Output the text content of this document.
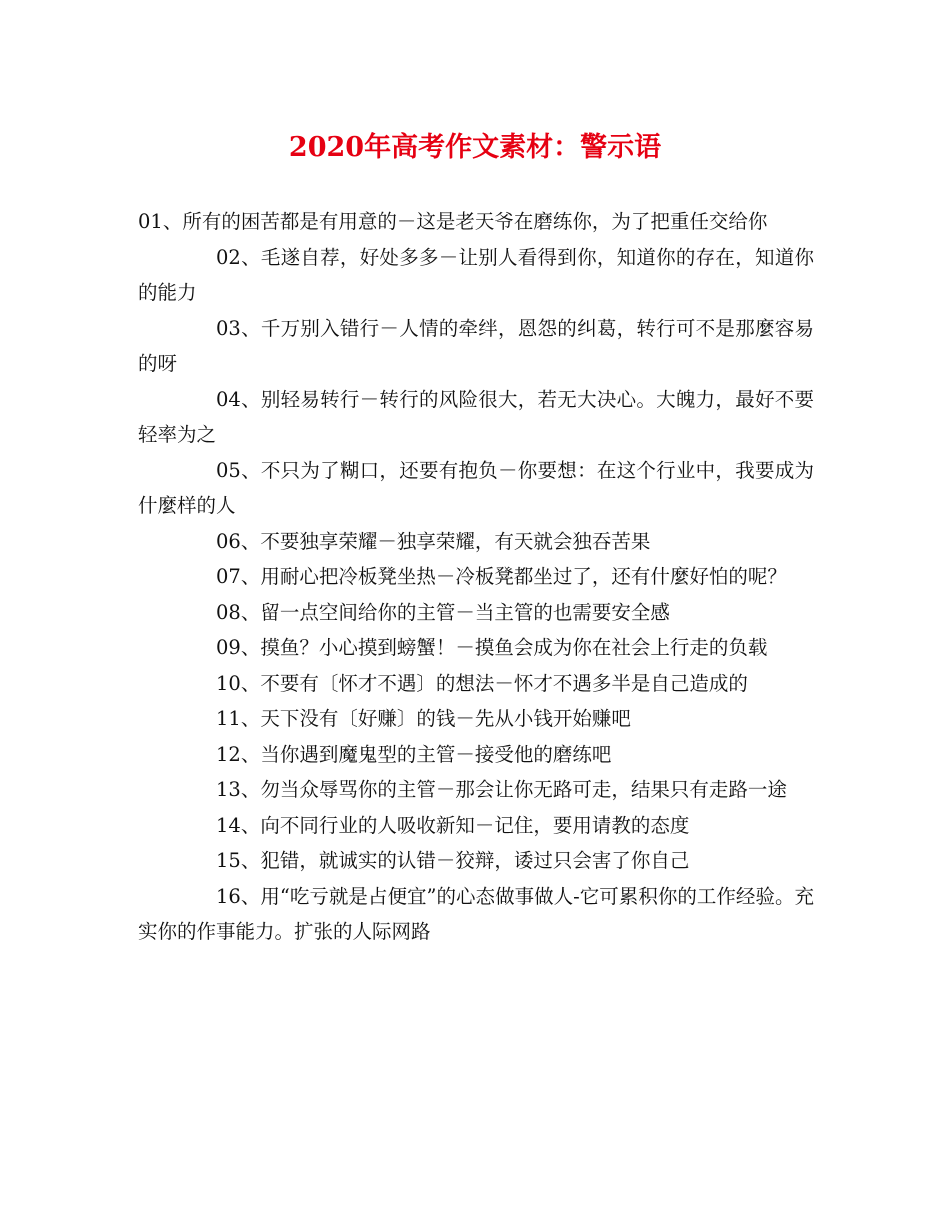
2020年高考作文素材：警示语

01、所有的困苦都是有用意的－这是老天爷在磨练你，为了把重任交给你

02、毛遂自荐，好处多多－让别人看得到你，知道你的存在，知道你的能力

03、千万别入错行－人情的牵绊，恩怨的纠葛，转行可不是那麼容易的呀

04、别轻易转行－转行的风险很大，若无大决心。大魄力，最好不要轻率为之

05、不只为了糊口，还要有抱负－你要想：在这个行业中，我要成为什麼样的人

06、不要独享荣耀－独享荣耀，有天就会独吞苦果

07、用耐心把冷板凳坐热－冷板凳都坐过了，还有什麼好怕的呢？

08、留一点空间给你的主管－当主管的也需要安全感

09、摸鱼？小心摸到螃蟹！－摸鱼会成为你在社会上行走的负载

10、不要有〔怀才不遇〕的想法－怀才不遇多半是自己造成的

11、天下没有〔好赚〕的钱－先从小钱开始赚吧

12、当你遇到魔鬼型的主管－接受他的磨练吧

13、勿当众辱骂你的主管－那会让你无路可走，结果只有走路一途

14、向不同行业的人吸收新知－记住，要用请教的态度

15、犯错，就诚实的认错－狡辩，诿过只会害了你自己

16、用“吃亏就是占便宜”的心态做事做人-它可累积你的工作经验。充实你的作事能力。扩张的人际网路
